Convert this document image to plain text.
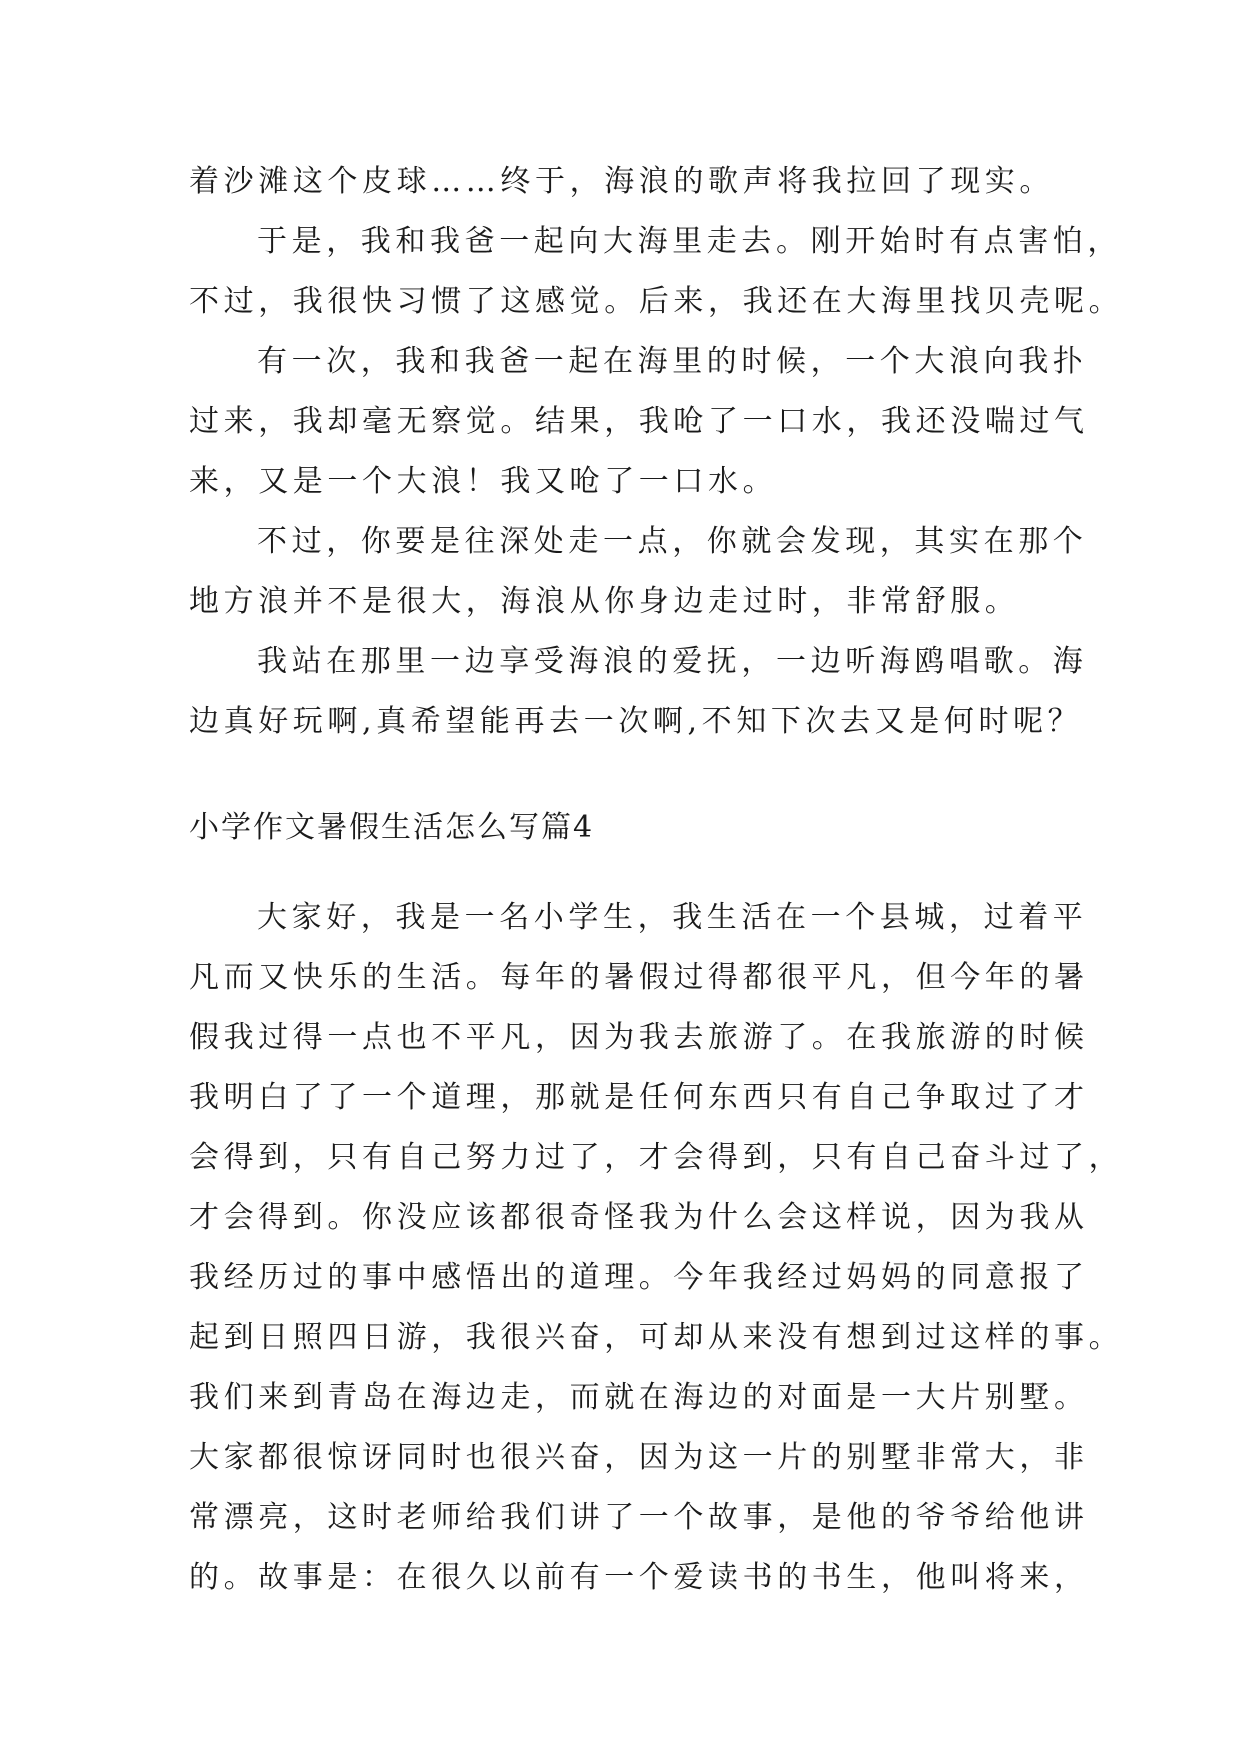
着沙滩这个皮球……终于，海浪的歌声将我拉回了现实。

于是，我和我爸一起向大海里走去。刚开始时有点害怕，

不过，我很快习惯了这感觉。后来，我还在大海里找贝壳呢。

有一次，我和我爸一起在海里的时候，一个大浪向我扑

过来，我却毫无察觉。结果，我呛了一口水，我还没喘过气

来，又是一个大浪！我又呛了一口水。

不过，你要是往深处走一点，你就会发现，其实在那个

地方浪并不是很大，海浪从你身边走过时，非常舒服。

我站在那里一边享受海浪的爱抚，一边听海鸥唱歌。海

边真好玩啊,真希望能再去一次啊,不知下次去又是何时呢？

小学作文暑假生活怎么写篇4

大家好，我是一名小学生，我生活在一个县城，过着平

凡而又快乐的生活。每年的暑假过得都很平凡，但今年的暑

假我过得一点也不平凡，因为我去旅游了。在我旅游的时候

我明白了了一个道理，那就是任何东西只有自己争取过了才

会得到，只有自己努力过了，才会得到，只有自己奋斗过了，

才会得到。你没应该都很奇怪我为什么会这样说，因为我从

我经历过的事中感悟出的道理。今年我经过妈妈的同意报了

起到日照四日游，我很兴奋，可却从来没有想到过这样的事。

我们来到青岛在海边走，而就在海边的对面是一大片别墅。

大家都很惊讶同时也很兴奋，因为这一片的别墅非常大，非

常漂亮，这时老师给我们讲了一个故事，是他的爷爷给他讲

的。故事是：在很久以前有一个爱读书的书生，他叫将来，
